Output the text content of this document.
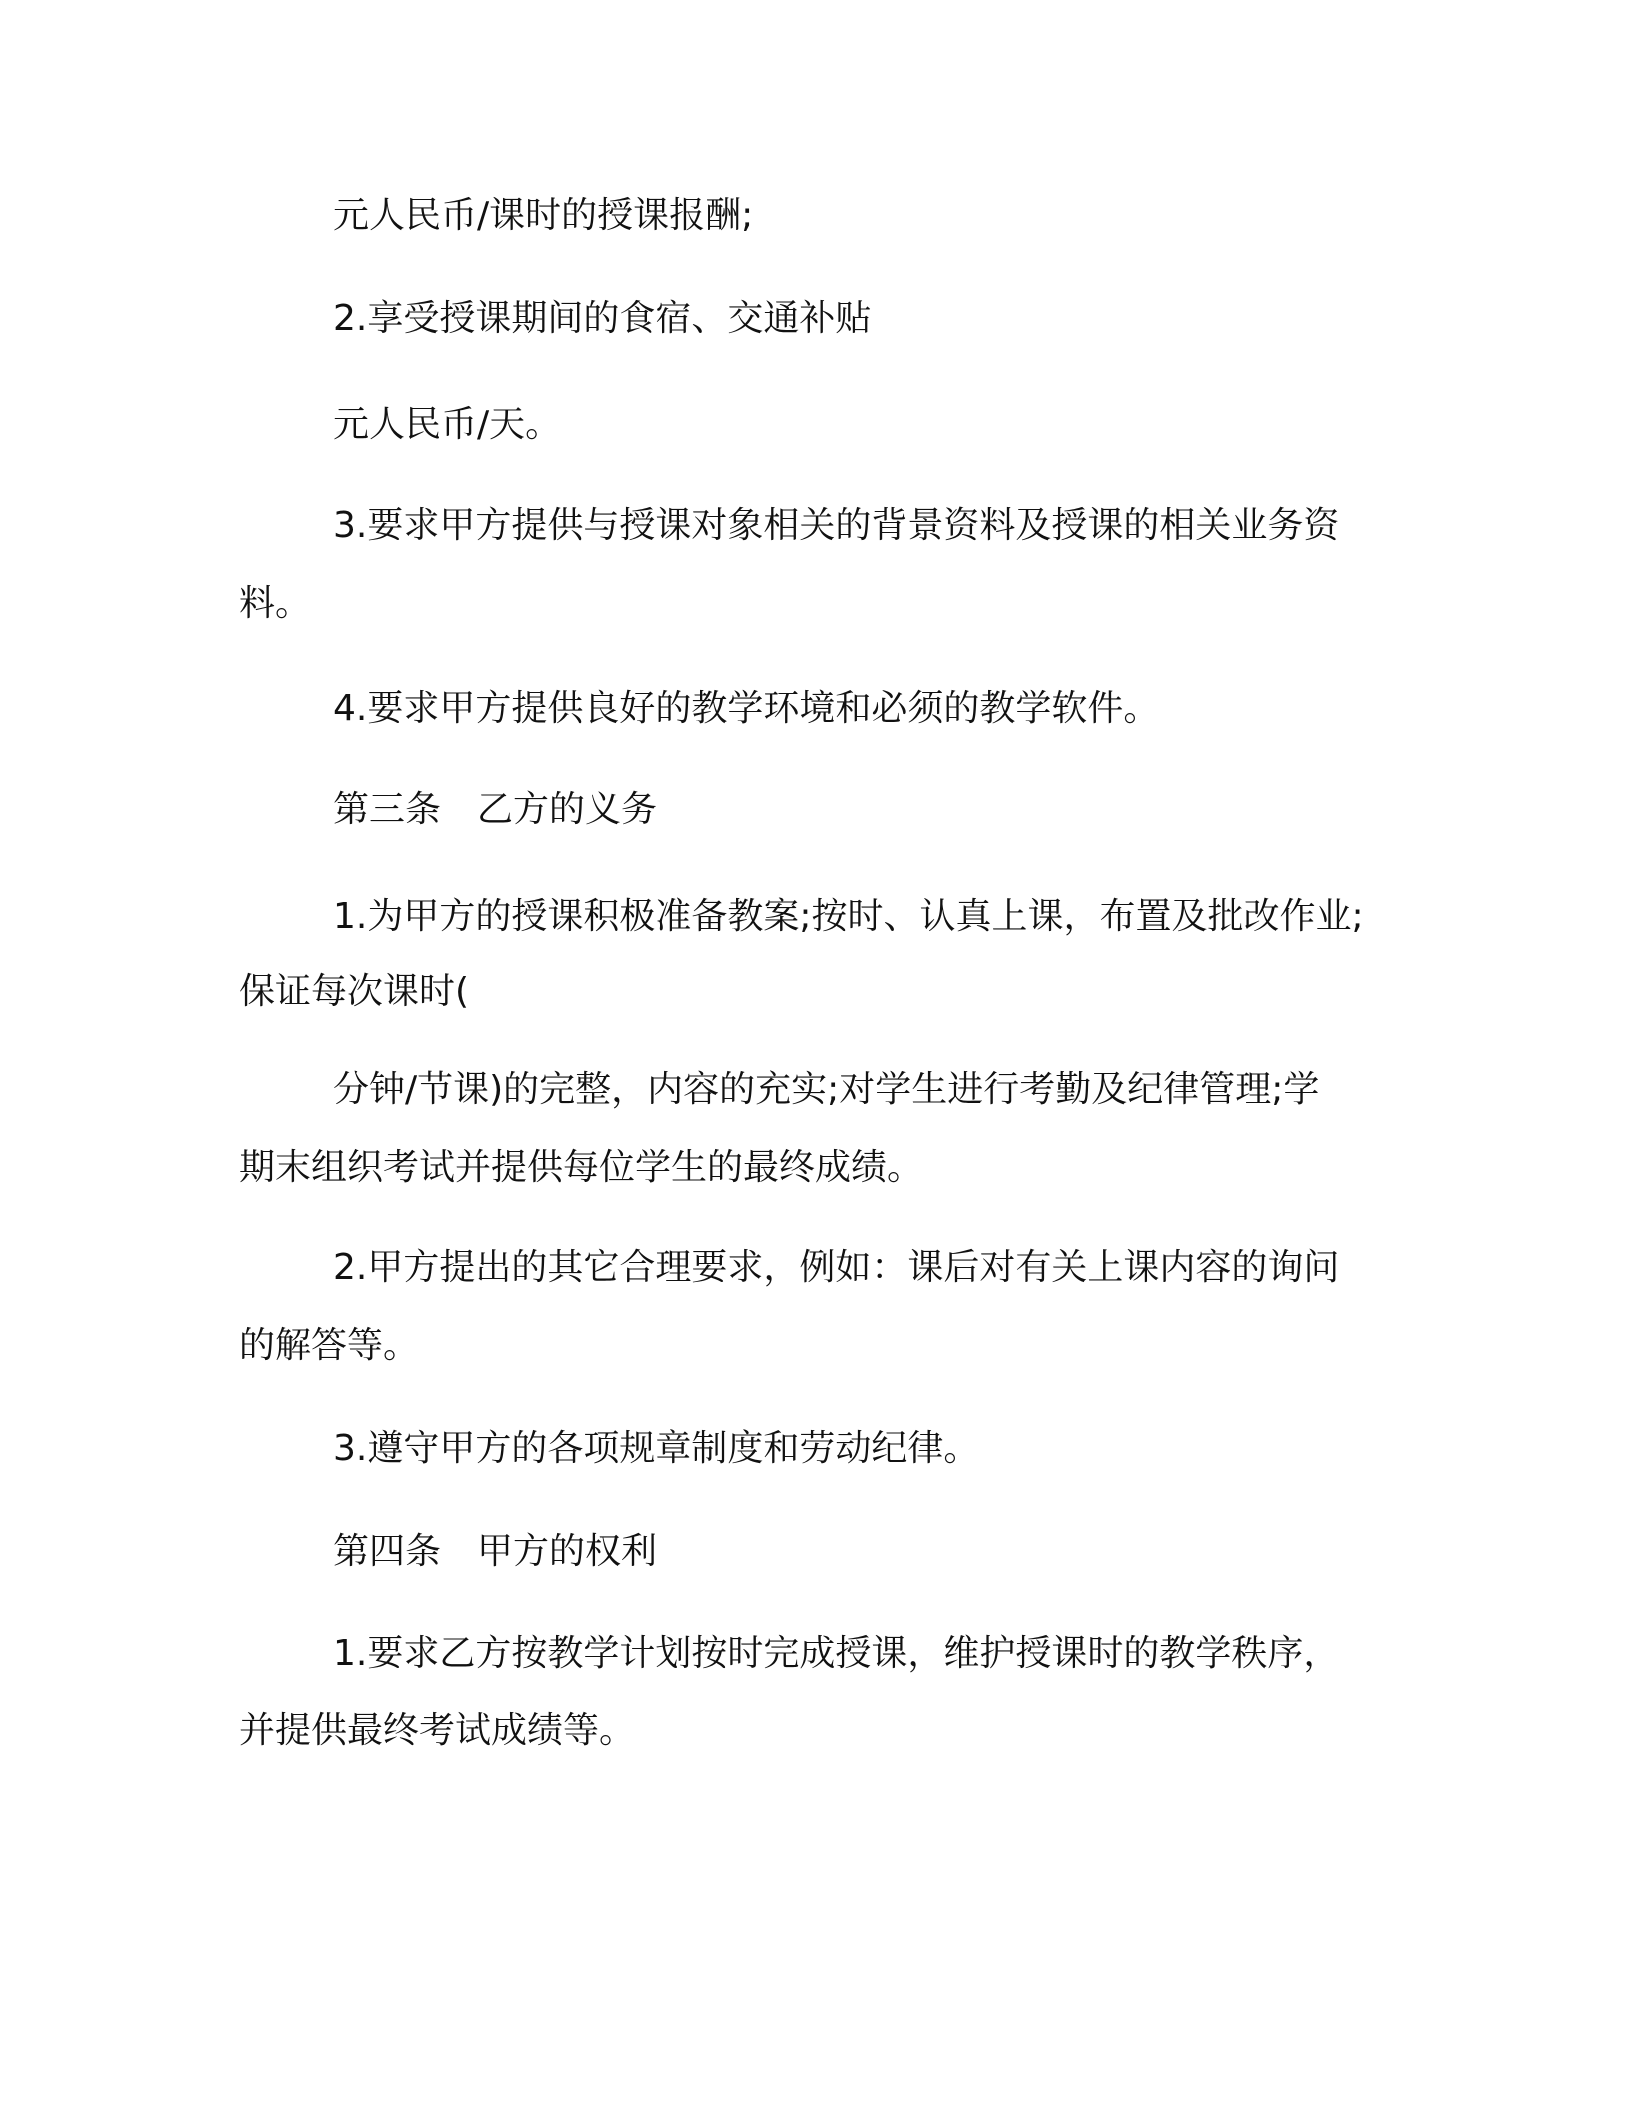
元人民币/课时的授课报酬;
2.享受授课期间的食宿、交通补贴
元人民币/天。
3.要求甲方提供与授课对象相关的背景资料及授课的相关业务资
料。
4.要求甲方提供良好的教学环境和必须的教学软件。
第三条　乙方的义务
1.为甲方的授课积极准备教案;按时、认真上课，布置及批改作业;
保证每次课时(
分钟/节课)的完整，内容的充实;对学生进行考勤及纪律管理;学
期末组织考试并提供每位学生的最终成绩。
2.甲方提出的其它合理要求，例如：课后对有关上课内容的询问
的解答等。
3.遵守甲方的各项规章制度和劳动纪律。
第四条　甲方的权利
1.要求乙方按教学计划按时完成授课，维护授课时的教学秩序，
并提供最终考试成绩等。
